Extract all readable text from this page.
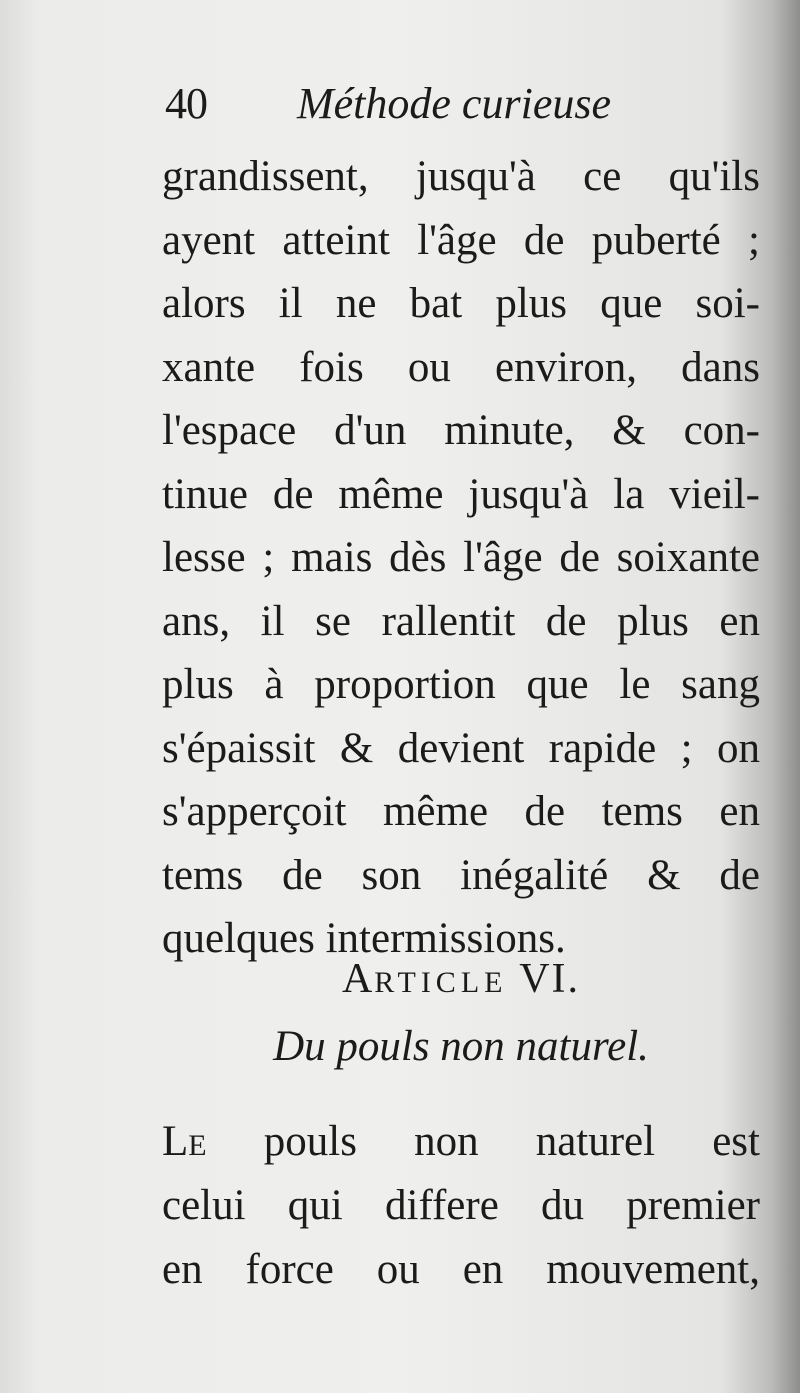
40 Méthode curieuse
grandissent, jusqu'à ce qu'ils
ayent atteint l'âge de puberté ;
alors il ne bat plus que soi-
xante fois ou environ, dans
l'espace d'un minute, & con-
tinue de même jusqu'à la vieil-
lesse ; mais dès l'âge de soixante
ans, il se rallentit de plus en
plus à proportion que le sang
s'épaissit & devient rapide ; on
s'apperçoit même de tems en
tems de son inégalité & de
quelques intermissions.
ARTICLE VI.
Du pouls non naturel.
LE pouls non naturel est
celui qui differe du premier
en force ou en mouvement,
